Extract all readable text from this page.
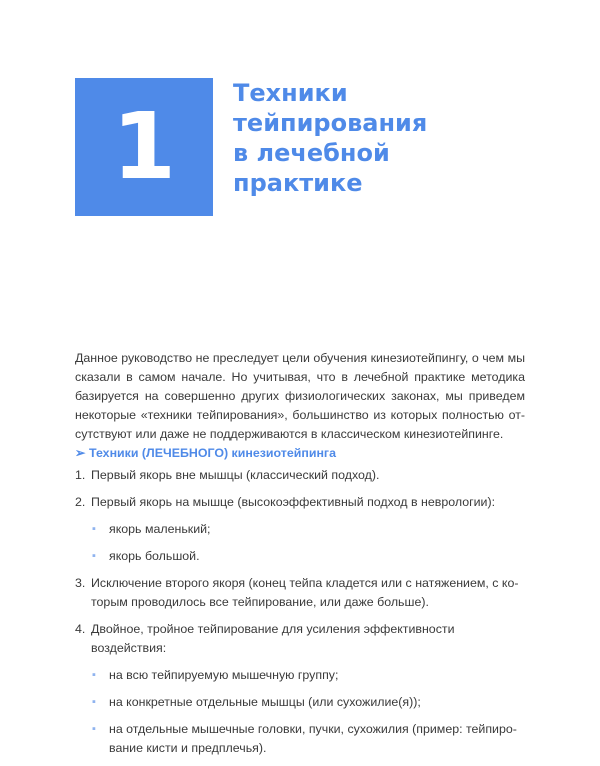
1 Техники
тейпирования
в лечебной
практике

Данное руководство не преследует цели обучения кинезиотейпингу, о чем мы сказали в самом начале. Но учитывая, что в лечебной практике методика базируется на совершенно других физиологических законах, мы приведем некоторые «техники тейпирования», большинство из которых полностью от-сутствуют или даже не поддерживаются в классическом кинезиотейпинге.

➢ Техники (ЛЕЧЕБНОГО) кинезиотейпинга
1. Первый якорь вне мышцы (классический подход).
2. Первый якорь на мышце (высокоэффективный подход в неврологии):
▪ якорь маленький;
▪ якорь большой.
3. Исключение второго якоря (конец тейпа кладется или с натяжением, с ко-торым проводилось все тейпирование, или даже больше).
4. Двойное, тройное тейпирование для усиления эффективности воздействия:
▪ на всю тейпируемую мышечную группу;
▪ на конкретные отдельные мышцы (или сухожилие(я));
▪ на отдельные мышечные головки, пучки, сухожилия (пример: тейпиро-вание кисти и предплечья).
